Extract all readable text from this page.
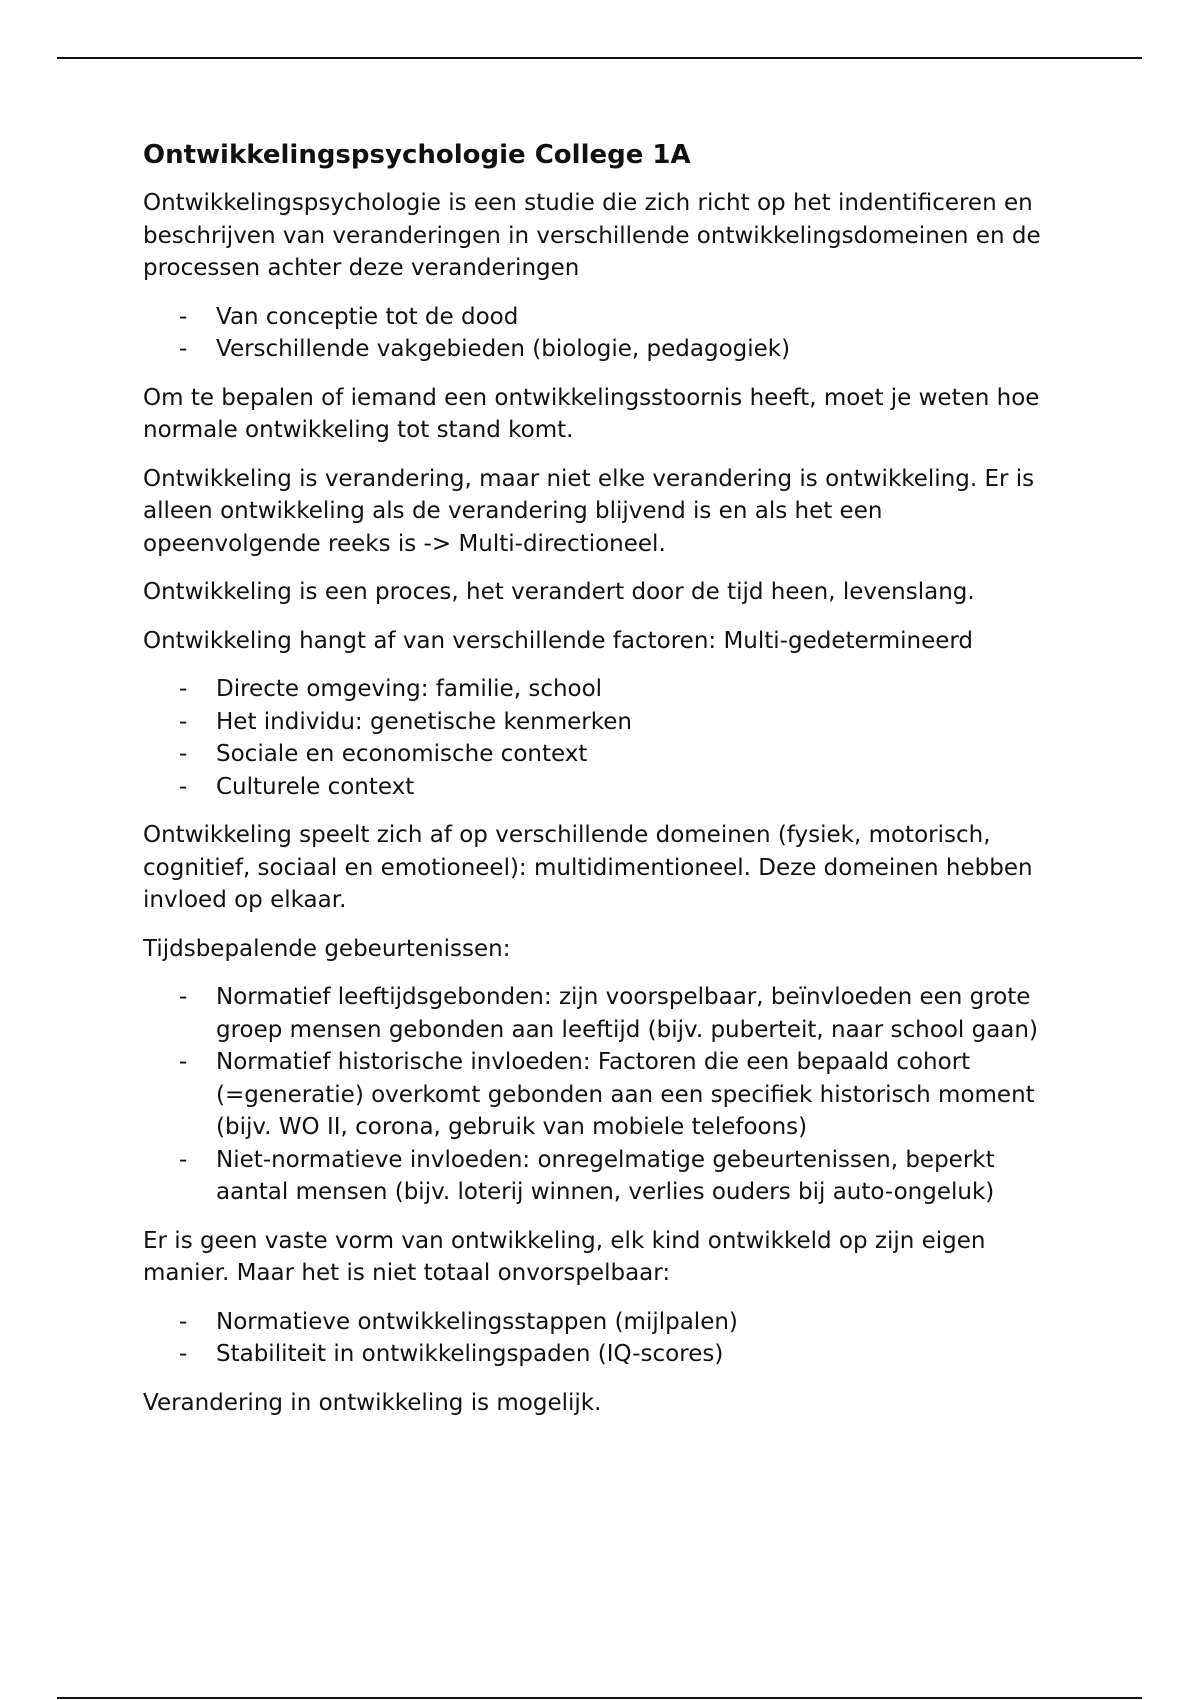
Ontwikkelingspsychologie College 1A

Ontwikkelingspsychologie is een studie die zich richt op het indentificeren en beschrijven van veranderingen in verschillende ontwikkelingsdomeinen en de processen achter deze veranderingen

- Van conceptie tot de dood
- Verschillende vakgebieden (biologie, pedagogiek)

Om te bepalen of iemand een ontwikkelingsstoornis heeft, moet je weten hoe normale ontwikkeling tot stand komt.

Ontwikkeling is verandering, maar niet elke verandering is ontwikkeling. Er is alleen ontwikkeling als de verandering blijvend is en als het een opeenvolgende reeks is -> Multi-directioneel.

Ontwikkeling is een proces, het verandert door de tijd heen, levenslang.

Ontwikkeling hangt af van verschillende factoren: Multi-gedetermineerd

- Directe omgeving: familie, school
- Het individu: genetische kenmerken
- Sociale en economische context
- Culturele context

Ontwikkeling speelt zich af op verschillende domeinen (fysiek, motorisch, cognitief, sociaal en emotioneel): multidimentioneel. Deze domeinen hebben invloed op elkaar.

Tijdsbepalende gebeurtenissen:

- Normatief leeftijdsgebonden: zijn voorspelbaar, beïnvloeden een grote groep mensen gebonden aan leeftijd (bijv. puberteit, naar school gaan)
- Normatief historische invloeden: Factoren die een bepaald cohort (=generatie) overkomt gebonden aan een specifiek historisch moment (bijv. WO II, corona, gebruik van mobiele telefoons)
- Niet-normatieve invloeden: onregelmatige gebeurtenissen, beperkt aantal mensen (bijv. loterij winnen, verlies ouders bij auto-ongeluk)

Er is geen vaste vorm van ontwikkeling, elk kind ontwikkeld op zijn eigen manier. Maar het is niet totaal onvorspelbaar:

- Normatieve ontwikkelingsstappen (mijlpalen)
- Stabiliteit in ontwikkelingspaden (IQ-scores)

Verandering in ontwikkeling is mogelijk.
